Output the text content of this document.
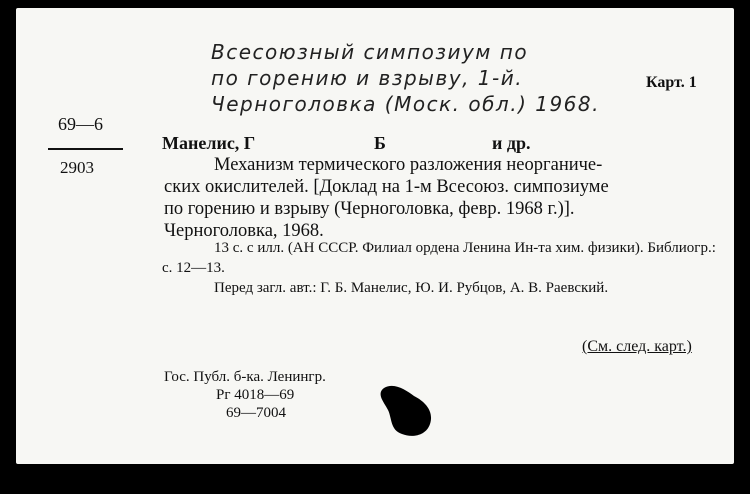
Всесоюзный симпозиум по
по горению и взрыву, 1-й.
Черноголовка (Моск. обл.) 1968.
Карт. 1
69—6
2903
Манелис, Г	Б	и др.
Механизм термического разложения неорганиче-
ских окислителей. [Доклад на 1-м Всесоюз. симпозиуме
по горению и взрыву (Черноголовка, февр. 1968 г.)].
Черноголовка, 1968.
13 с. с илл. (АН СССР. Филиал ордена Ленина Ин-та хим. физики). Библиогр.: с. 12—13.
Перед загл. авт.: Г. Б. Манелис, Ю. И. Рубцов, А. В. Раевский.
(См. след. карт.)
Гос. Публ. б-ка. Ленингр.
Рг 4018—69
69—7004
